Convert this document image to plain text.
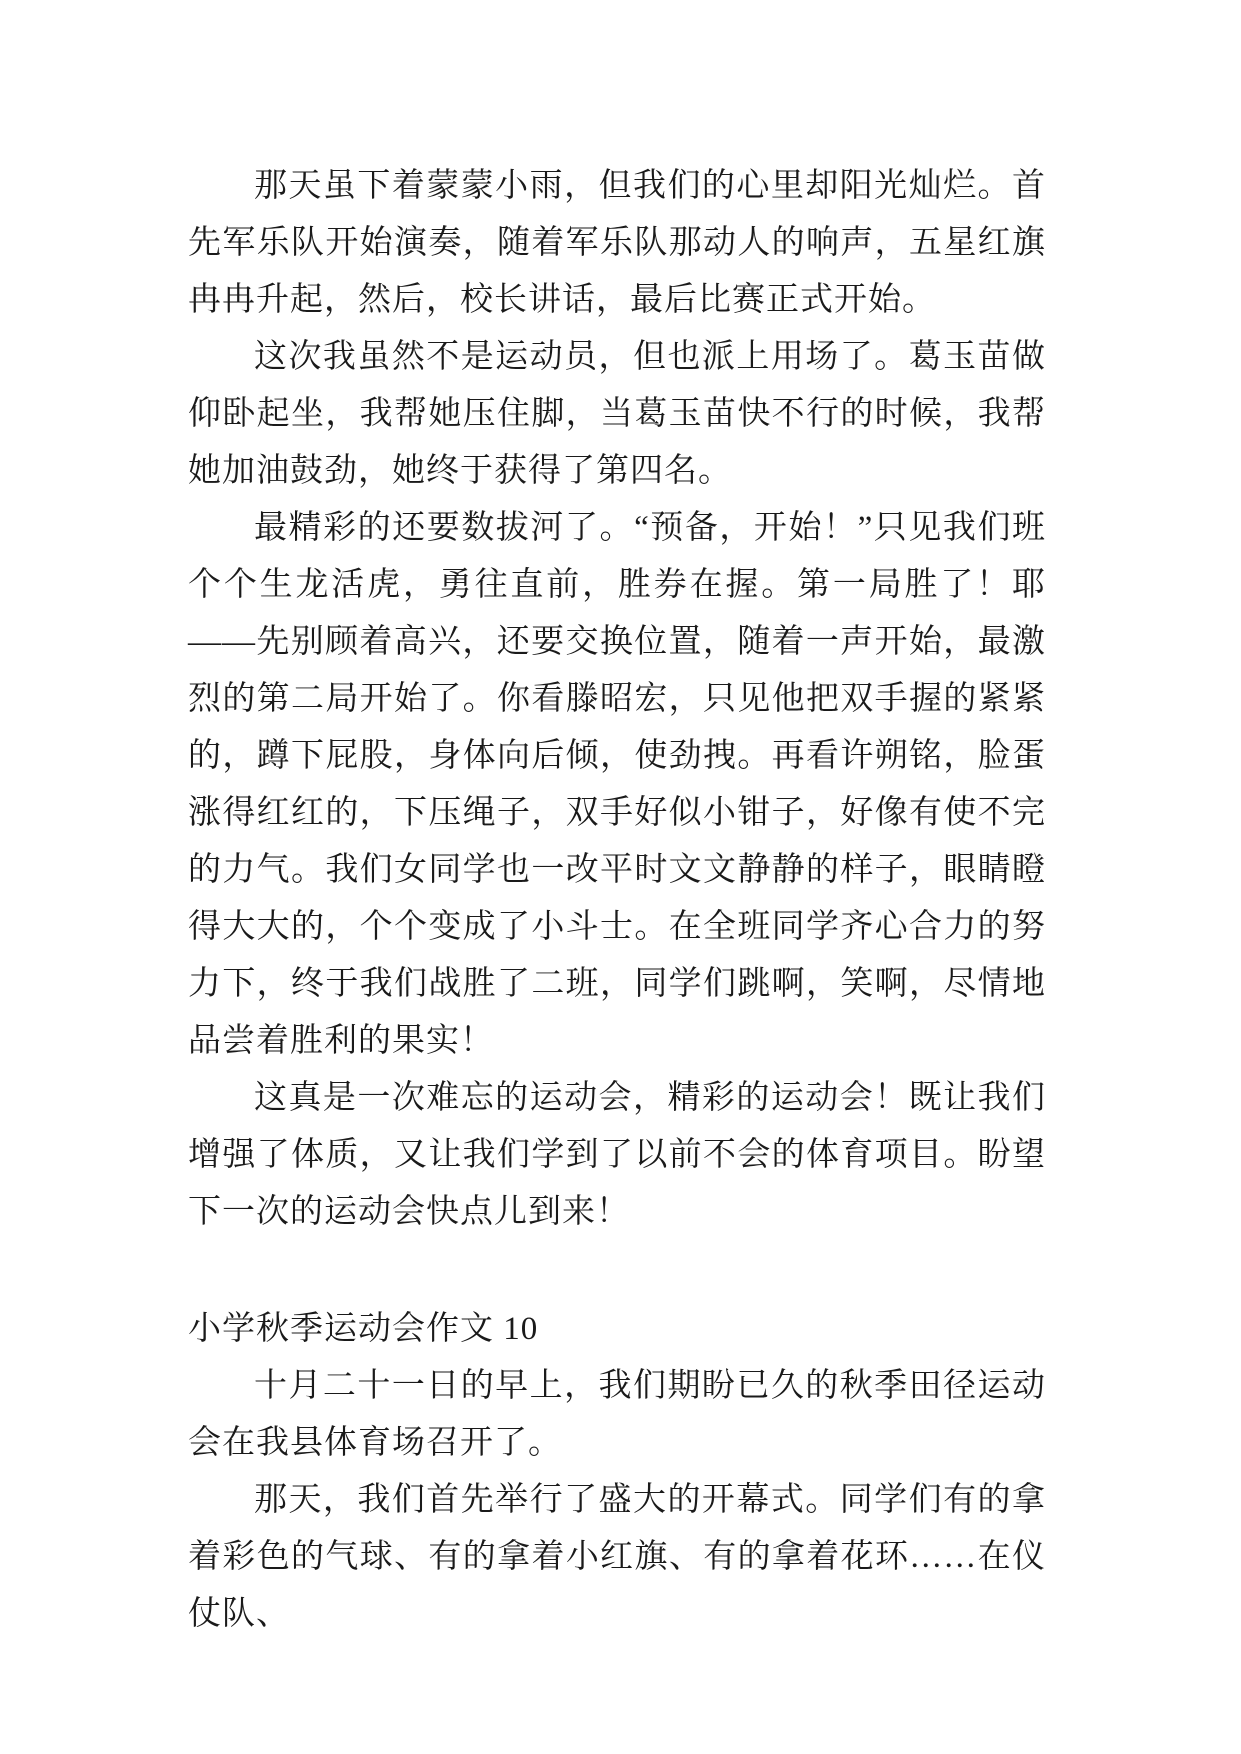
那天虽下着蒙蒙小雨，但我们的心里却阳光灿烂。首先军乐队开始演奏，随着军乐队那动人的响声，五星红旗冉冉升起，然后，校长讲话，最后比赛正式开始。
这次我虽然不是运动员，但也派上用场了。葛玉苗做仰卧起坐，我帮她压住脚，当葛玉苗快不行的时候，我帮她加油鼓劲，她终于获得了第四名。
最精彩的还要数拔河了。“预备，开始！”只见我们班个个生龙活虎，勇往直前，胜券在握。第一局胜了！耶——先别顾着高兴，还要交换位置，随着一声开始，最激烈的第二局开始了。你看滕昭宏，只见他把双手握的紧紧的，蹲下屁股，身体向后倾，使劲拽。再看许朔铭，脸蛋涨得红红的，下压绳子，双手好似小钳子，好像有使不完的力气。我们女同学也一改平时文文静静的样子，眼睛瞪得大大的，个个变成了小斗士。在全班同学齐心合力的努力下，终于我们战胜了二班，同学们跳啊，笑啊，尽情地品尝着胜利的果实！
这真是一次难忘的运动会，精彩的运动会！既让我们增强了体质，又让我们学到了以前不会的体育项目。盼望下一次的运动会快点儿到来！
小学秋季运动会作文 10
十月二十一日的早上，我们期盼已久的秋季田径运动会在我县体育场召开了。
那天，我们首先举行了盛大的开幕式。同学们有的拿着彩色的气球、有的拿着小红旗、有的拿着花环……在仪仗队、
